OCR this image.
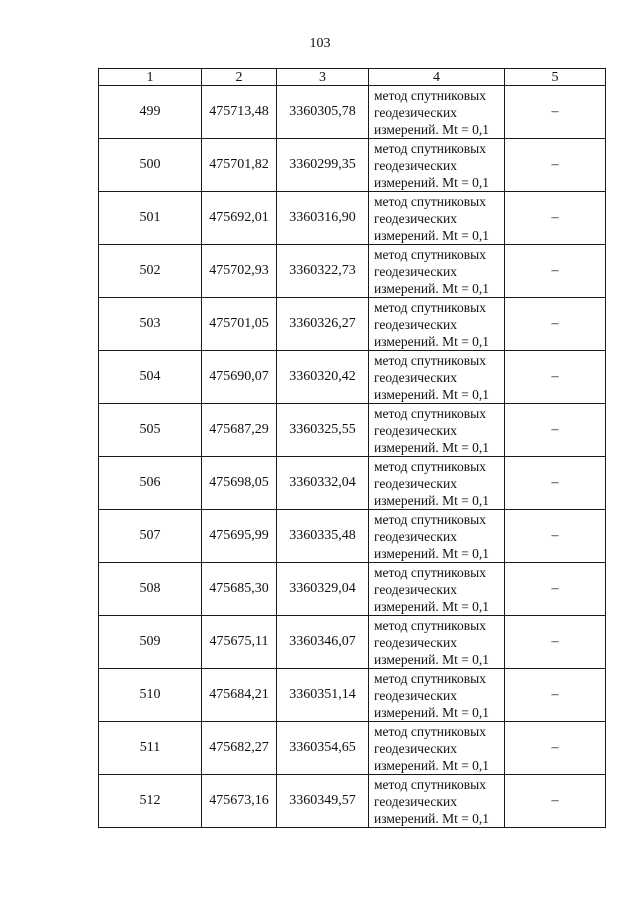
103
1	2	3	4	5
499	475713,48	3360305,78	метод спутниковых
геодезических
измерений. Mt = 0,1	–
500	475701,82	3360299,35	метод спутниковых
геодезических
измерений. Mt = 0,1	–
501	475692,01	3360316,90	метод спутниковых
геодезических
измерений. Mt = 0,1	–
502	475702,93	3360322,73	метод спутниковых
геодезических
измерений. Mt = 0,1	–
503	475701,05	3360326,27	метод спутниковых
геодезических
измерений. Mt = 0,1	–
504	475690,07	3360320,42	метод спутниковых
геодезических
измерений. Mt = 0,1	–
505	475687,29	3360325,55	метод спутниковых
геодезических
измерений. Mt = 0,1	–
506	475698,05	3360332,04	метод спутниковых
геодезических
измерений. Mt = 0,1	–
507	475695,99	3360335,48	метод спутниковых
геодезических
измерений. Mt = 0,1	–
508	475685,30	3360329,04	метод спутниковых
геодезических
измерений. Mt = 0,1	–
509	475675,11	3360346,07	метод спутниковых
геодезических
измерений. Mt = 0,1	–
510	475684,21	3360351,14	метод спутниковых
геодезических
измерений. Mt = 0,1	–
511	475682,27	3360354,65	метод спутниковых
геодезических
измерений. Mt = 0,1	–
512	475673,16	3360349,57	метод спутниковых
геодезических
измерений. Mt = 0,1	–
